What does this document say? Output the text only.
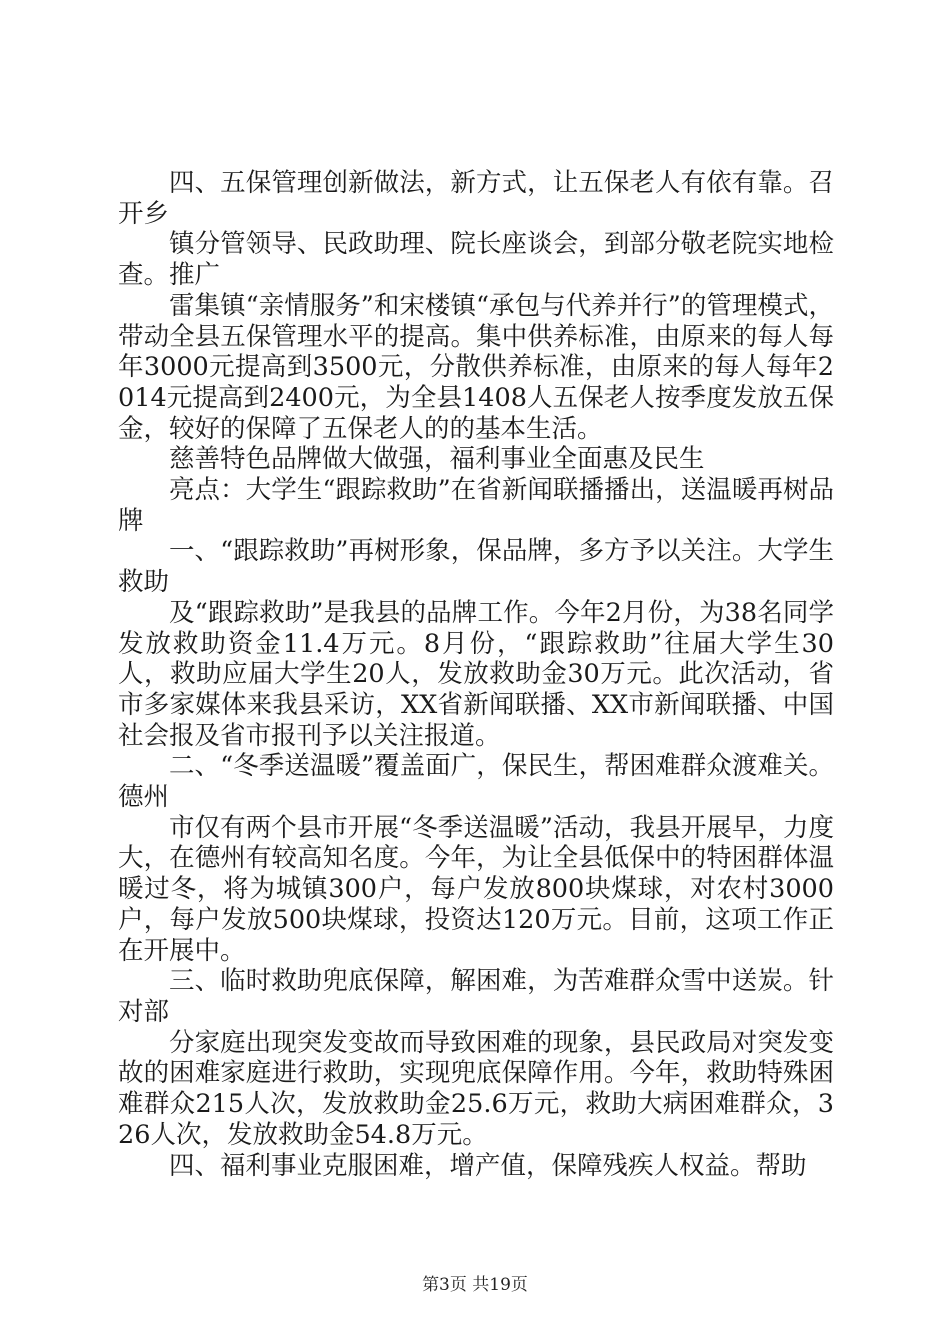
四、五保管理创新做法，新方式，让五保老人有依有靠。召开乡

镇分管领导、民政助理、院长座谈会，到部分敬老院实地检查。推广

雷集镇“亲情服务”和宋楼镇“承包与代养并行”的管理模式，带动全县五保管理水平的提高。集中供养标准，由原来的每人每年3000元提高到3500元，分散供养标准，由原来的每人每年2014元提高到2400元，为全县1408人五保老人按季度发放五保金，较好的保障了五保老人的的基本生活。

慈善特色品牌做大做强，福利事业全面惠及民生

亮点：大学生“跟踪救助”在省新闻联播播出，送温暖再树品牌

一、“跟踪救助”再树形象，保品牌，多方予以关注。大学生救助

及“跟踪救助”是我县的品牌工作。今年2月份，为38名同学发放救助资金11.4万元。8月份，“跟踪救助”往届大学生30人，救助应届大学生20人，发放救助金30万元。此次活动，省市多家媒体来我县采访，XX省新闻联播、XX市新闻联播、中国社会报及省市报刊予以关注报道。

二、“冬季送温暖”覆盖面广，保民生，帮困难群众渡难关。德州

市仅有两个县市开展“冬季送温暖”活动，我县开展早，力度大，在德州有较高知名度。今年，为让全县低保中的特困群体温暖过冬，将为城镇300户，每户发放800块煤球，对农村3000户，每户发放500块煤球，投资达120万元。目前，这项工作正在开展中。

三、临时救助兜底保障，解困难，为苦难群众雪中送炭。针对部

分家庭出现突发变故而导致困难的现象，县民政局对突发变故的困难家庭进行救助，实现兜底保障作用。今年，救助特殊困难群众215人次，发放救助金25.6万元，救助大病困难群众，326人次，发放救助金54.8万元。

四、福利事业克服困难，增产值，保障残疾人权益。帮助

第3页 共19页
